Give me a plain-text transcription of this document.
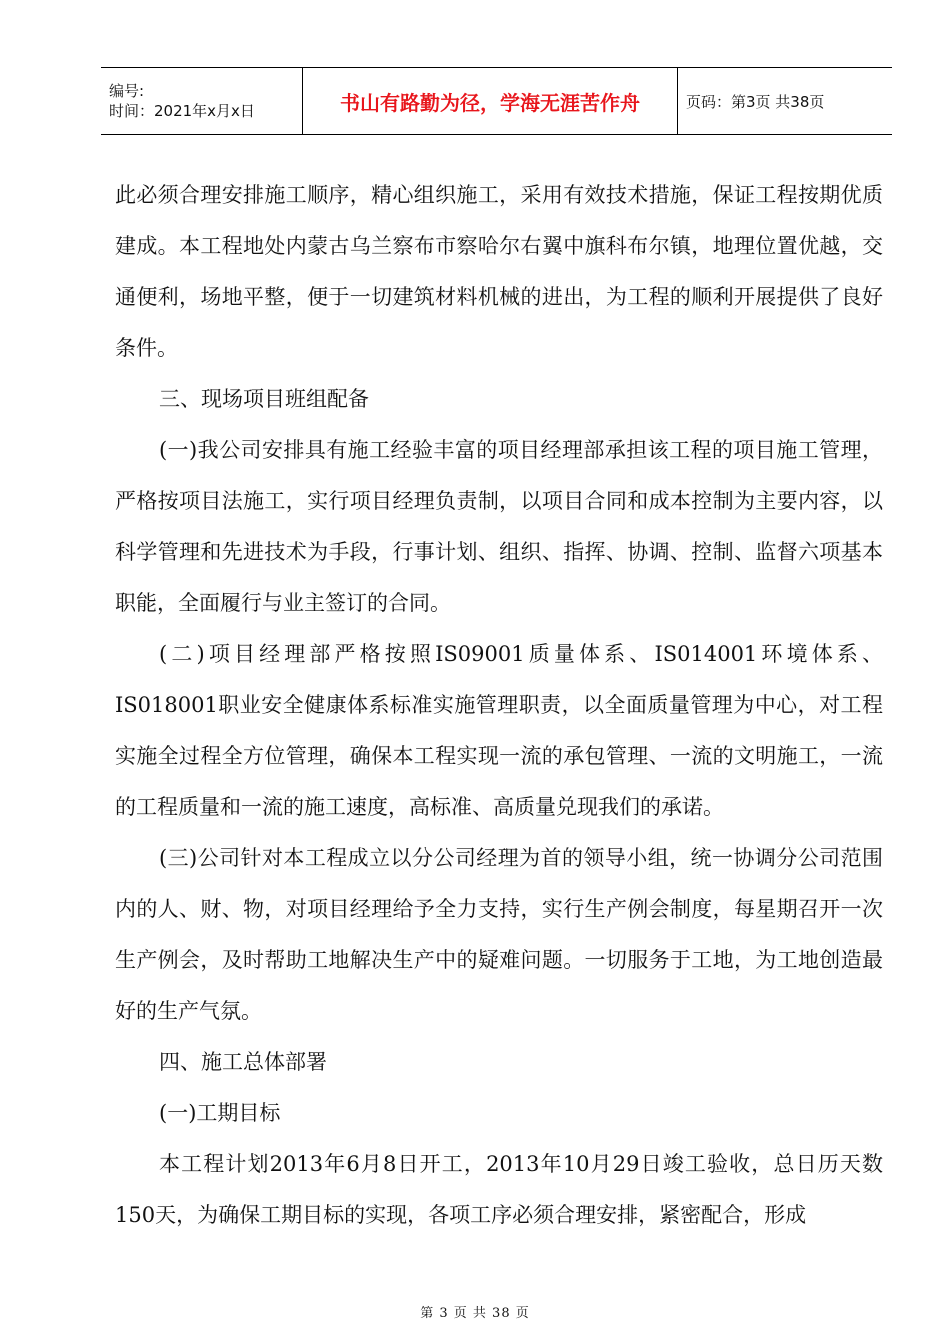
编号:
时间：2021年x月x日	书山有路勤为径，学海无涯苦作舟	页码：第3页 共38页

此必须合理安排施工顺序，精心组织施工，采用有效技术措施，保证工程按期优质建成。本工程地处内蒙古乌兰察布市察哈尔右翼中旗科布尔镇，地理位置优越，交通便利，场地平整，便于一切建筑材料机械的进出，为工程的顺利开展提供了良好条件。

三、现场项目班组配备

(一)我公司安排具有施工经验丰富的项目经理部承担该工程的项目施工管理，严格按项目法施工，实行项目经理负责制，以项目合同和成本控制为主要内容，以科学管理和先进技术为手段，行事计划、组织、指挥、协调、控制、监督六项基本职能，全面履行与业主签订的合同。

(二)项目经理部严格按照IS09001质量体系、IS014001环境体系、IS018001职业安全健康体系标准实施管理职责，以全面质量管理为中心，对工程实施全过程全方位管理，确保本工程实现一流的承包管理、一流的文明施工，一流的工程质量和一流的施工速度，高标准、高质量兑现我们的承诺。

(三)公司针对本工程成立以分公司经理为首的领导小组，统一协调分公司范围内的人、财、物，对项目经理给予全力支持，实行生产例会制度，每星期召开一次生产例会，及时帮助工地解决生产中的疑难问题。一切服务于工地，为工地创造最好的生产气氛。

四、施工总体部署

(一)工期目标

本工程计划2013年6月8日开工，2013年10月29日竣工验收，总日历天数150天，为确保工期目标的实现，各项工序必须合理安排，紧密配合，形成

第 3 页 共 38 页
